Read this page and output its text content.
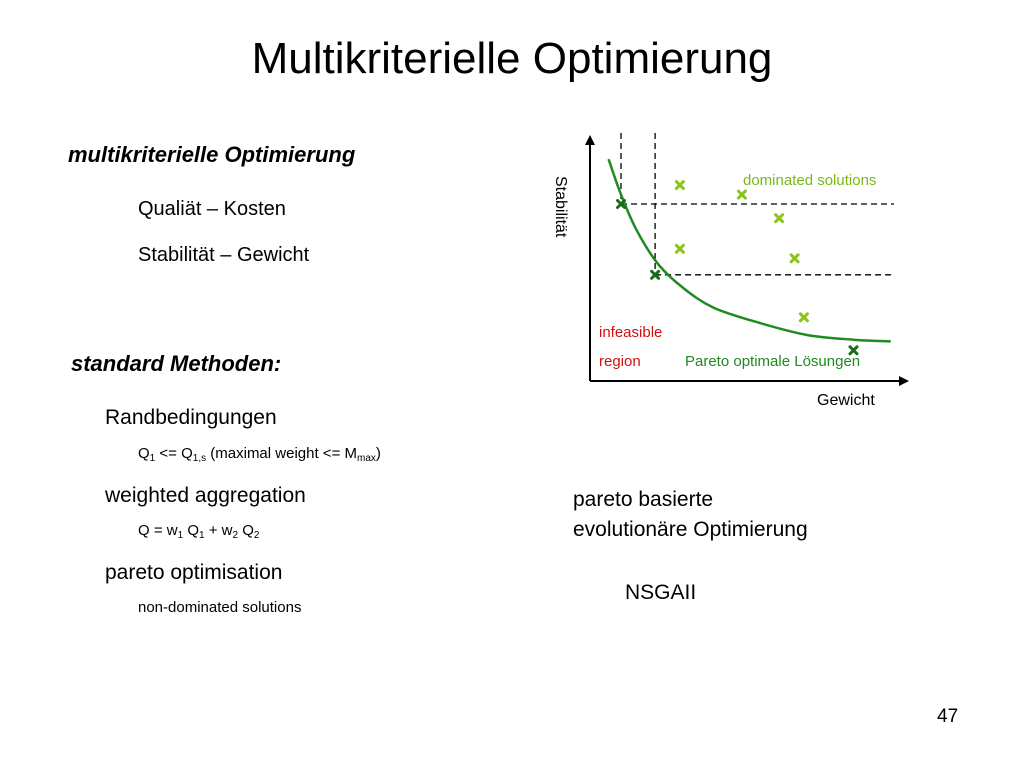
Multikriterielle Optimierung
multikriterielle Optimierung
Qualiät – Kosten
Stabilität – Gewicht
standard Methoden:
Randbedingungen
$Q_1 <= Q_{1,s}$ (maximal weight <= $M_{max}$)
weighted aggregation
$Q = w_1$ $Q_1 + w_2$ $Q_2$
pareto optimisation
non-dominated solutions
pareto basierte
evolutionäre Optimierung
NSGAII
47
dominated solutions
infeasible
region	Pareto optimale Lösungen
Gewicht
Stabilität
